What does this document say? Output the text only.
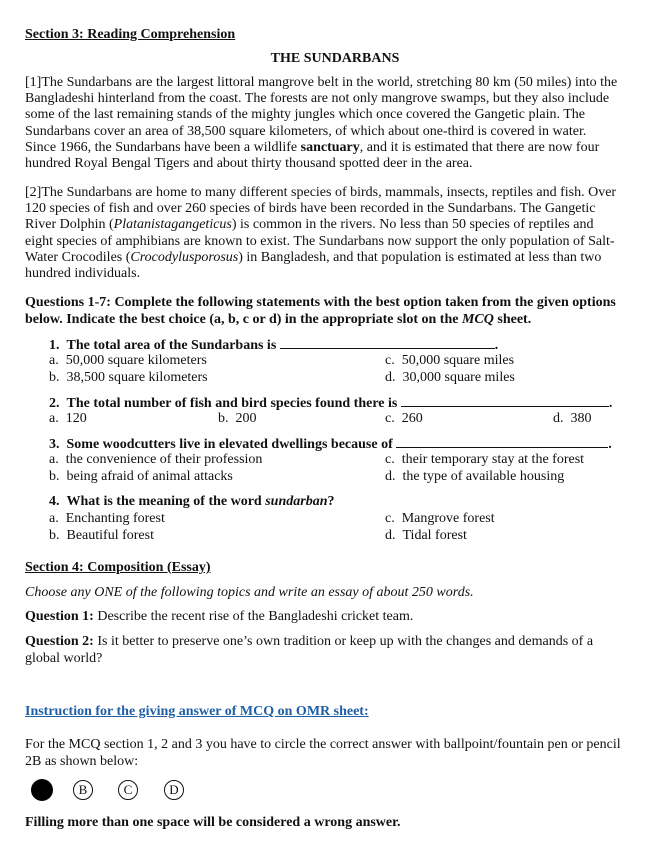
Section 3: Reading Comprehension
THE SUNDARBANS
[1]The Sundarbans are the largest littoral mangrove belt in the world, stretching 80 km (50 miles) into the
Bangladeshi hinterland from the coast. The forests are not only mangrove swamps, but they also include
some of the last remaining stands of the mighty jungles which once covered the Gangetic plain. The
Sundarbans cover an area of 38,500 square kilometers, of which about one-third is covered in water.
Since 1966, the Sundarbans have been a wildlife sanctuary, and it is estimated that there are now four
hundred Royal Bengal Tigers and about thirty thousand spotted deer in the area.
[2]The Sundarbans are home to many different species of birds, mammals, insects, reptiles and fish. Over
120 species of fish and over 260 species of birds have been recorded in the Sundarbans. The Gangetic
River Dolphin (Platanistagangeticus) is common in the rivers. No less than 50 species of reptiles and
eight species of amphibians are known to exist. The Sundarbans now support the only population of Salt-
Water Crocodiles (Crocodylusporosus) in Bangladesh, and that population is estimated at less than two
hundred individuals.
Questions 1-7: Complete the following statements with the best option taken from the given options
below. Indicate the best choice (a, b, c or d) in the appropriate slot on the MCQ sheet.
1. The total area of the Sundarbans is	.
a. 50,000 square kilometers
b. 38,500 square kilometers
c. 50,000 square miles
d. 30,000 square miles
2. The total number of fish and bird species found there is	.
a. 120	b. 200	c. 260	d. 380
3. Some woodcutters live in elevated dwellings because of	.
a. the convenience of their profession
b. being afraid of animal attacks
c. their temporary stay at the forest
d. the type of available housing
4. What is the meaning of the word sundarban?
a. Enchanting forest
b. Beautiful forest
c. Mangrove forest
d. Tidal forest
Section 4: Composition (Essay)
Choose any ONE of the following topics and write an essay of about 250 words.
Question 1: Describe the recent rise of the Bangladeshi cricket team.
Question 2: Is it better to preserve one’s own tradition or keep up with the changes and demands of a
global world?
Instruction for the giving answer of MCQ on OMR sheet:
For the MCQ section 1, 2 and 3 you have to circle the correct answer with ballpoint/fountain pen or pencil
2B as shown below:
B	C	D
Filling more than one space will be considered a wrong answer.
